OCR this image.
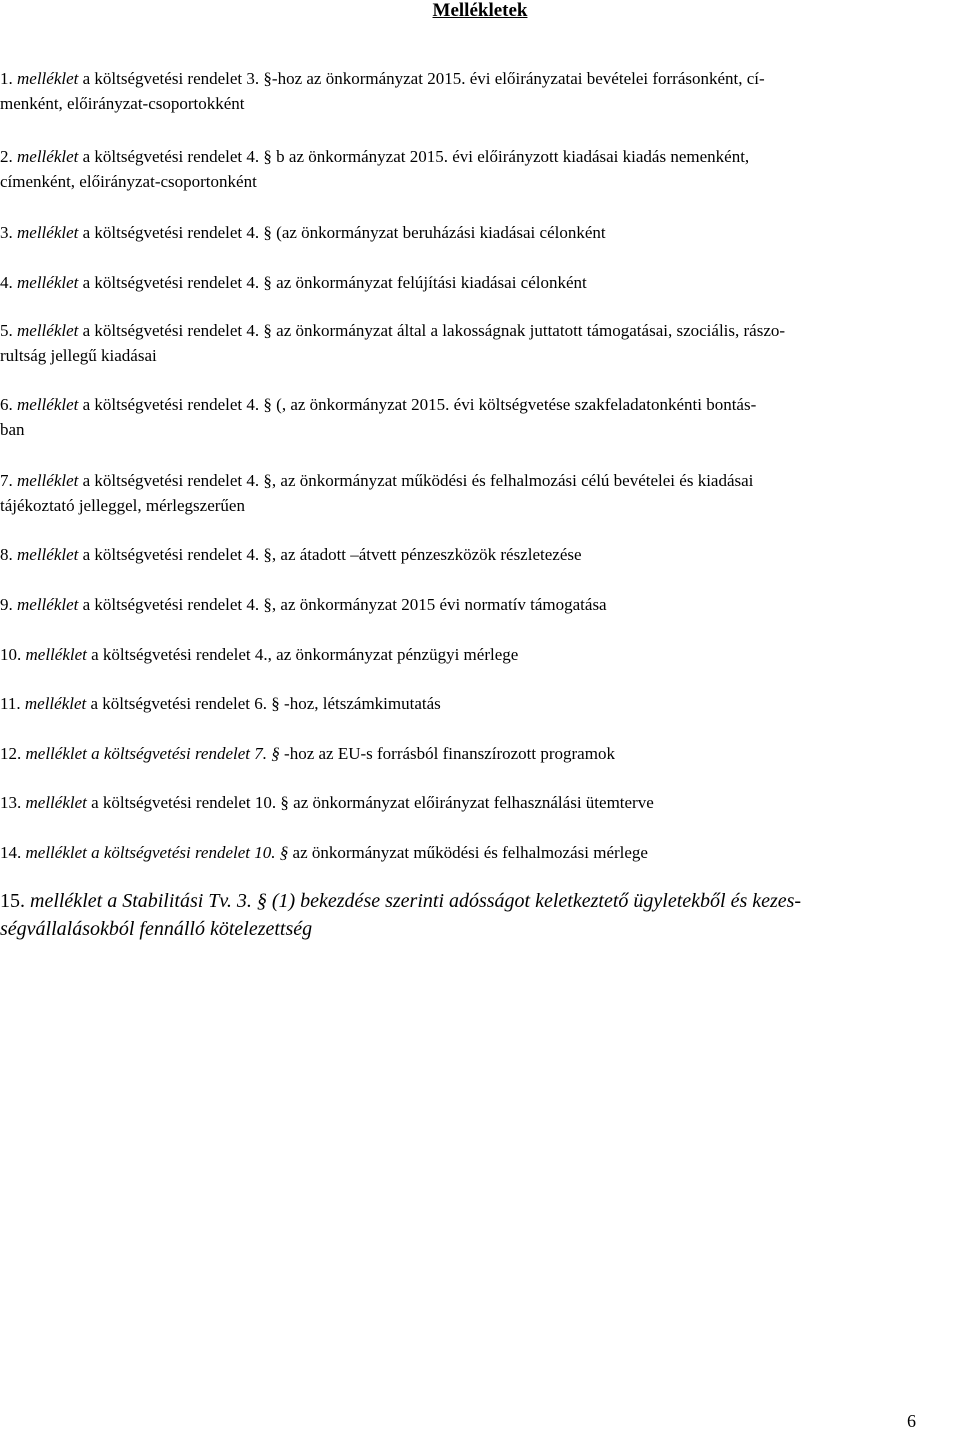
Mellékletek
1. melléklet a költségvetési rendelet 3. §-hoz az önkormányzat 2015. évi előirányzatai bevételei forrásonként, cí-
menként, előirányzat-csoportokként
2. melléklet a költségvetési rendelet 4. § b az önkormányzat 2015. évi előirányzott kiadásai kiadás nemenként,
címenként, előirányzat-csoportonként
3. melléklet a költségvetési rendelet 4. § (az önkormányzat beruházási kiadásai célonként
4. melléklet a költségvetési rendelet 4. § az önkormányzat felújítási kiadásai célonként
5. melléklet a költségvetési rendelet 4. § az önkormányzat által a lakosságnak juttatott támogatásai, szociális, rászo-
rultság jellegű kiadásai
6. melléklet a költségvetési rendelet 4. § (, az önkormányzat 2015. évi költségvetése szakfeladatonkénti bontás-
ban
7. melléklet a költségvetési rendelet 4. §, az önkormányzat működési és felhalmozási célú bevételei és kiadásai
tájékoztató jelleggel, mérlegszerűen
8. melléklet a költségvetési rendelet 4. §, az átadott –átvett pénzeszközök részletezése
9. melléklet a költségvetési rendelet 4. §, az önkormányzat 2015 évi normatív támogatása
10. melléklet a költségvetési rendelet 4., az önkormányzat pénzügyi mérlege
11. melléklet a költségvetési rendelet 6. § -hoz, létszámkimutatás
12. melléklet a költségvetési rendelet 7. § -hoz az EU-s forrásból finanszírozott programok
13. melléklet a költségvetési rendelet 10. § az önkormányzat előirányzat felhasználási ütemterve
14. melléklet a költségvetési rendelet 10. § az önkormányzat működési és felhalmozási mérlege
15. melléklet a Stabilitási Tv. 3. § (1) bekezdése szerinti adósságot keletkeztető ügyletekből és kezes-
ségvállalásokból fennálló kötelezettség
6
